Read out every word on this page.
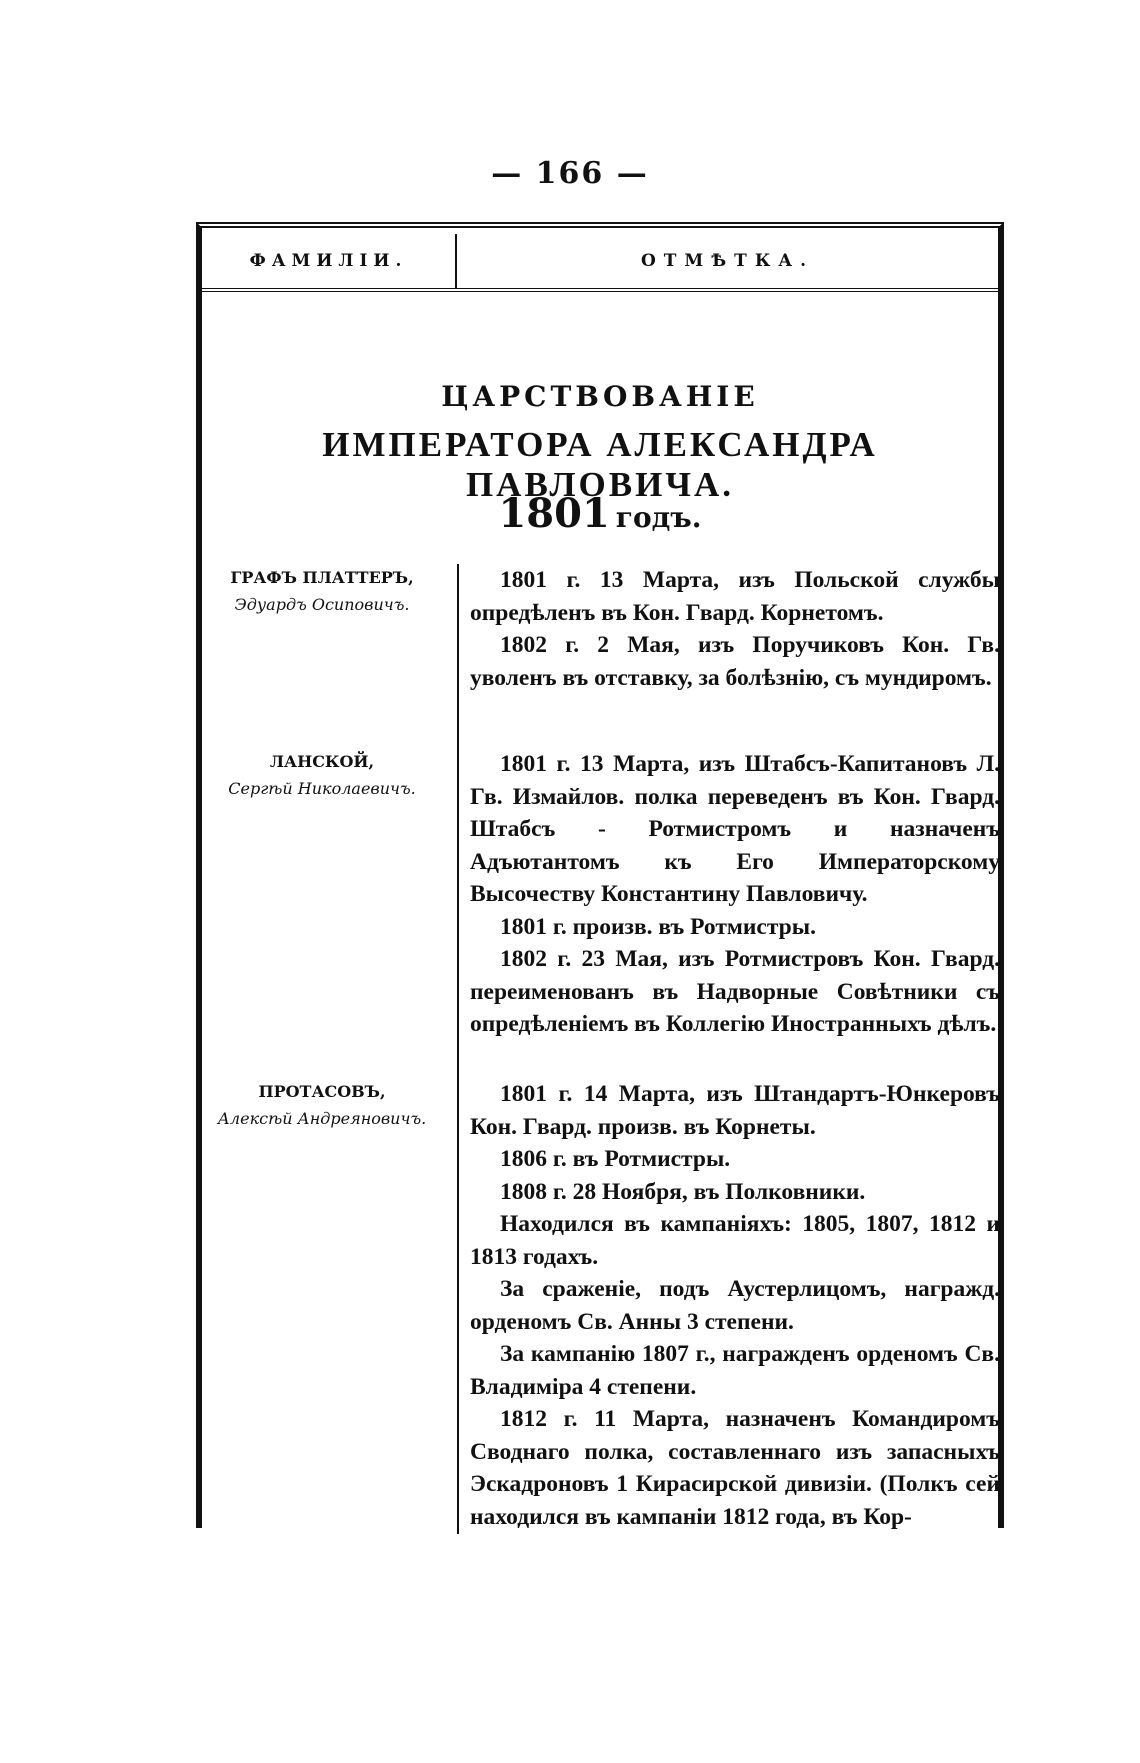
— 166 —
ФАМИЛІИ.	ОТМѢТКА.
ЦАРСТВОВАНІЕ
ИМПЕРАТОРА АЛЕКСАНДРА ПАВЛОВИЧА.
1801 годъ.
ГРАФЪ ПЛАТТЕРЪ,
Эдуардъ Осиповичъ.

1801 г. 13 Марта, изъ Польской службы опредѣленъ въ Кон. Гвард. Корнетомъ.

1802 г. 2 Мая, изъ Поручиковъ Кон. Гв. уволенъ въ отставку, за болѣзнію, съ мундиромъ.

ЛАНСКОЙ,
Сергѣй Николаевичъ.

1801 г. 13 Марта, изъ Штабсъ-Капитановъ Л. Гв. Измайлов. полка переведенъ въ Кон. Гвард. Штабсъ - Ротмистромъ и назначенъ Адъютантомъ къ Его Императорскому Высочеству Константину Павловичу.

1801 г. произв. въ Ротмистры.

1802 г. 23 Мая, изъ Ротмистровъ Кон. Гвард. переименованъ въ Надворные Совѣтники съ опредѣленіемъ въ Коллегію Иностранныхъ дѣлъ.

ПРОТАСОВЪ,
Алексѣй Андреяновичъ.

1801 г. 14 Марта, изъ Штандартъ-Юнкеровъ Кон. Гвард. произв. въ Корнеты.

1806 г. въ Ротмистры.

1808 г. 28 Ноября, въ Полковники.

Находился въ кампаніяхъ: 1805, 1807, 1812 и 1813 годахъ.

За сраженіе, подъ Аустерлицомъ, награжд. орденомъ Св. Анны 3 степени.

За кампанію 1807 г., награжденъ орденомъ Св. Владиміра 4 степени.

1812 г. 11 Марта, назначенъ Командиромъ Своднаго полка, составленнаго изъ запасныхъ Эскадроновъ 1 Кирасирской дивизіи. (Полкъ сей находился въ кампаніи 1812 года, въ Кор-
